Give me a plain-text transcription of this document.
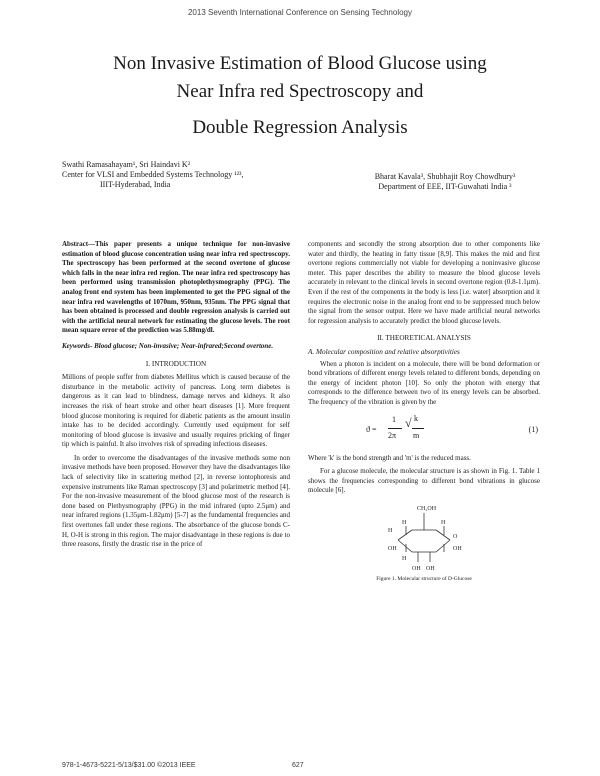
2013 Seventh International Conference on Sensing Technology
Non Invasive Estimation of Blood Glucose using
Near Infra red Spectroscopy and
Double Regression Analysis
Swathi Ramasahayam¹, Sri Haindavi K²
Center for VLSI and Embedded Systems Technology ¹²³,
IIIT-Hyderabad, India
Bharat Kavala³, Shubhajit Roy Chowdhury³
Department of EEE, IIT-Guwahati India ³

Abstract—This paper presents a unique technique for non-invasive estimation of blood glucose concentration using near infra red spectroscopy. The spectroscopy has been performed at the second overtone of glucose which falls in the near infra red region. The near infra red spectroscopy has been performed using transmission photoplethysmography (PPG). The analog front end system has been implemented to get the PPG signal of the near infra red wavelengths of 1070nm, 950nm, 935nm. The PPG signal that has been obtained is processed and double regression analysis is carried out with the artificial neural network for estimating the glucose levels. The root mean square error of the prediction was 5.88mg/dl.

Keywords- Blood glucose; Non-invasive; Near-infrared;Second overtone.

I. INTRODUCTION

Millions of people suffer from diabetes Mellitus which is caused because of the disturbance in the metabolic activity of pancreas. Long term diabetes is dangerous as it can lead to blindness, damage nerves and kidneys. It also increases the risk of heart stroke and other heart diseases [1]. More frequent blood glucose monitoring is required for diabetic patients as the amount insulin intake has to be decided accordingly. Currently used equipment for self monitoring of blood glucose is invasive and usually requires pricking of finger tip which is painful. It also involves risk of spreading infectious diseases.

In order to overcome the disadvantages of the invasive methods some non invasive methods have been proposed. However they have the disadvantages like lack of selectivity like in scattering method [2], in reverse iontophoresis and expensive instruments like Raman spectroscopy [3] and polarimetric method [4]. For the non-invasive measurement of the blood glucose most of the research is done based on Plethysmography (PPG) in the mid infrared (upto 2.5μm) and near infrared regions (1.35μm-1.82μm) [5-7] as the fundamental frequencies and first overtones fall under these regions. The absorbance of the glucose bonds C-H, O-H is strong in this region. The major disadvantage in these regions is due to three reasons, firstly the drastic rise in the price of

components and secondly the strong absorption due to other components like water and thirdly, the heating in fatty tissue [8,9]. This makes the mid and first overtone regions commercially not viable for developing a noninvasive glucose meter. This paper describes the ability to measure the blood glucose levels accurately in relevant to the clinical levels in second overtone region (0.8-1.1μm). Even if the rest of the components in the body is less [i.e. water] absorption and it requires the electronic noise in the analog front end to be suppressed much below the signal from the sensor output. Here we have made artificial neural networks for regression analysis to accurately predict the blood glucose levels.

II. THEORETICAL ANALYSIS

A. Molecular composition and relative absorptivities

When a photon is incident on a molecule, there will be bond deformation or bond vibrations of different energy levels related to different bonds, depending on the energy of incident photon [10]. So only the photon with energy that corresponds to the difference between two of its energy levels can be absorbed. The frequency of the vibration is given by the

ϑ =
1
2π
√ k
m
(1)

Where 'k' is the bond strength and 'm' is the reduced mass.

For a glucose molecule, the molecular structure is as shown in Fig. 1. Table 1 shows the frequencies corresponding to different bond vibrations in glucose molecule [6].

CH₂OH
H
OH
H
OH OH
H
H
OH
O
Figure 1. Molecular structure of D-Glucose
978-1-4673-5221-5/13/$31.00 ©2013 IEEE	627
